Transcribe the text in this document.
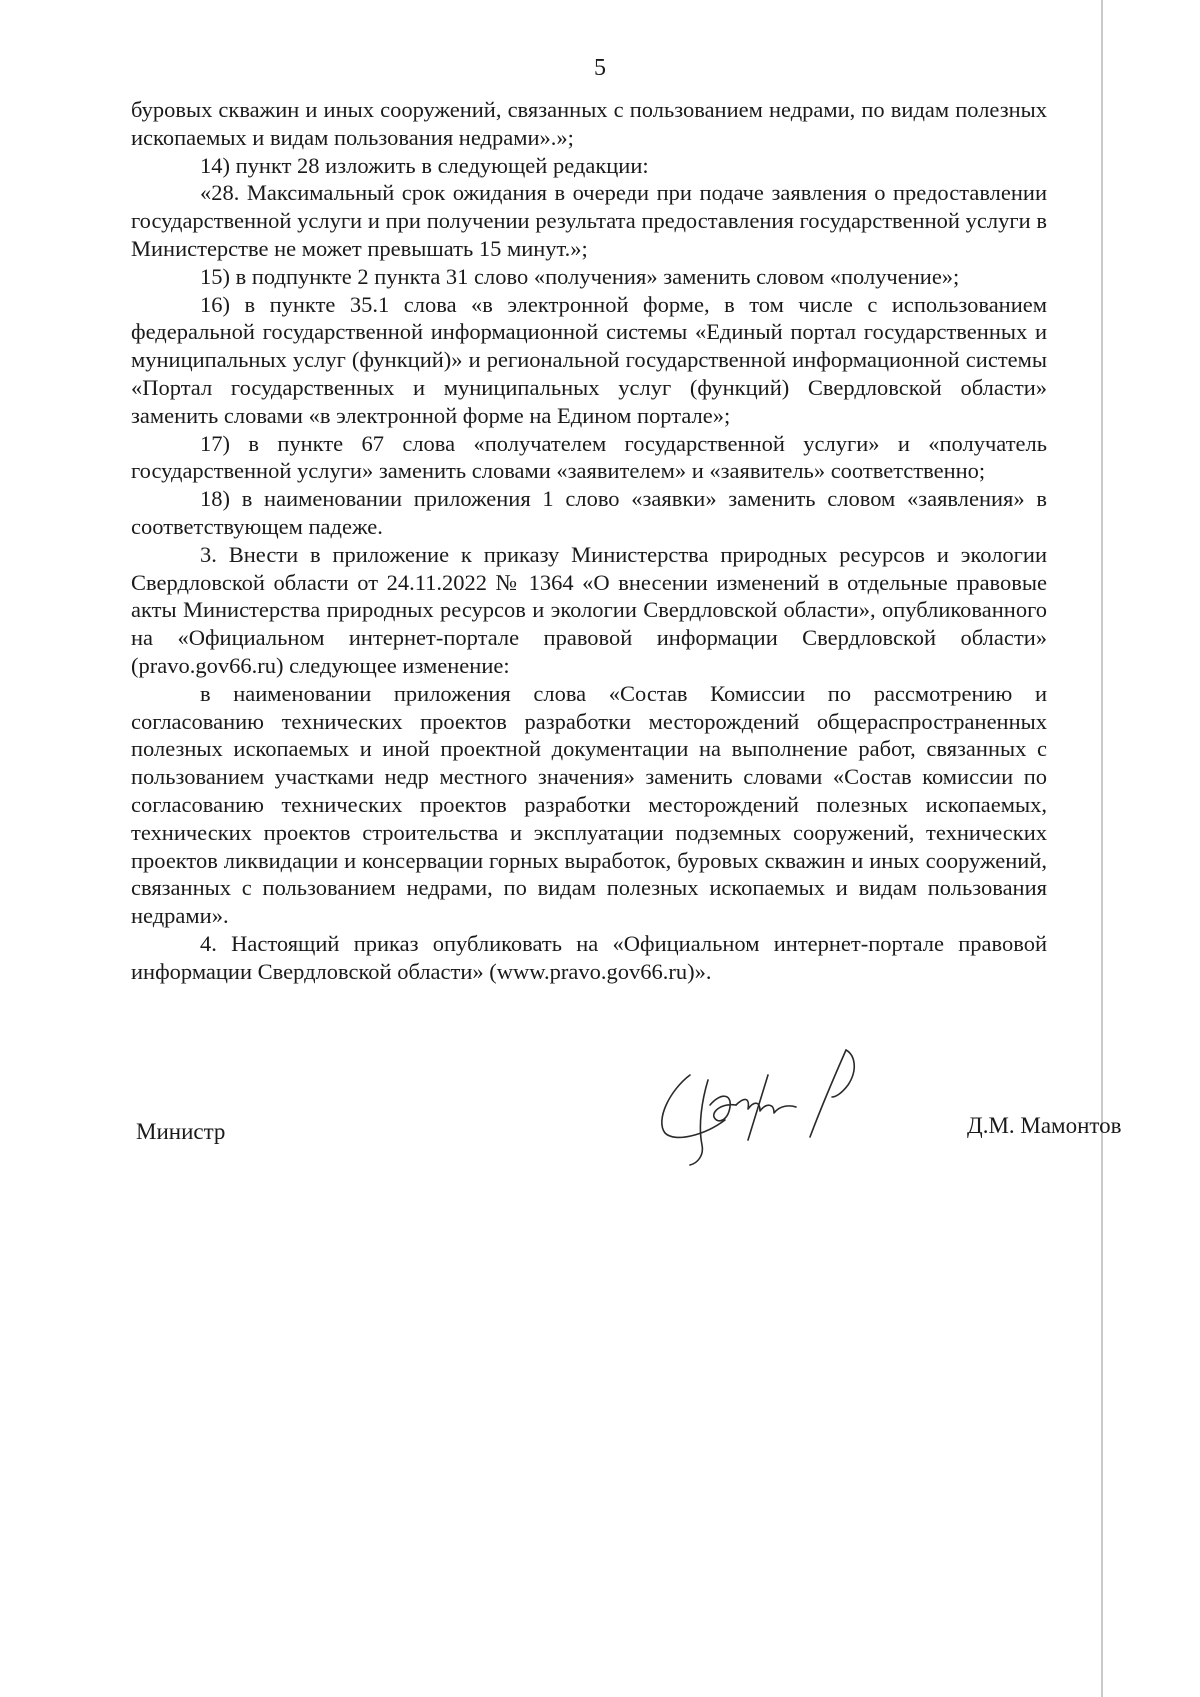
5

буровых скважин и иных сооружений, связанных с пользованием недрами, по видам полезных ископаемых и видам пользования недрами».»;

14) пункт 28 изложить в следующей редакции:

«28. Максимальный срок ожидания в очереди при подаче заявления о предоставлении государственной услуги и при получении результата предоставления государственной услуги в Министерстве не может превышать 15 минут.»;

15) в подпункте 2 пункта 31 слово «получения» заменить словом «получение»;

16) в пункте 35.1 слова «в электронной форме, в том числе с использованием федеральной государственной информационной системы «Единый портал государственных и муниципальных услуг (функций)» и региональной государственной информационной системы «Портал государственных и муниципальных услуг (функций) Свердловской области» заменить словами «в электронной форме на Едином портале»;

17) в пункте 67 слова «получателем государственной услуги» и «получатель государственной услуги» заменить словами «заявителем» и «заявитель» соответственно;

18) в наименовании приложения 1 слово «заявки» заменить словом «заявления» в соответствующем падеже.

3. Внести в приложение к приказу Министерства природных ресурсов и экологии Свердловской области от 24.11.2022 № 1364 «О внесении изменений в отдельные правовые акты Министерства природных ресурсов и экологии Свердловской области», опубликованного на «Официальном интернет-портале правовой информации Свердловской области» (pravo.gov66.ru) следующее изменение:

в наименовании приложения слова «Состав Комиссии по рассмотрению и согласованию технических проектов разработки месторождений общераспространенных полезных ископаемых и иной проектной документации на выполнение работ, связанных с пользованием участками недр местного значения» заменить словами «Состав комиссии по согласованию технических проектов разработки месторождений полезных ископаемых, технических проектов строительства и эксплуатации подземных сооружений, технических проектов ликвидации и консервации горных выработок, буровых скважин и иных сооружений, связанных с пользованием недрами, по видам полезных ископаемых и видам пользования недрами».

4. Настоящий приказ опубликовать на «Официальном интернет-портале правовой информации Свердловской области» (www.pravo.gov66.ru)».

Министр	Д.М. Мамонтов
